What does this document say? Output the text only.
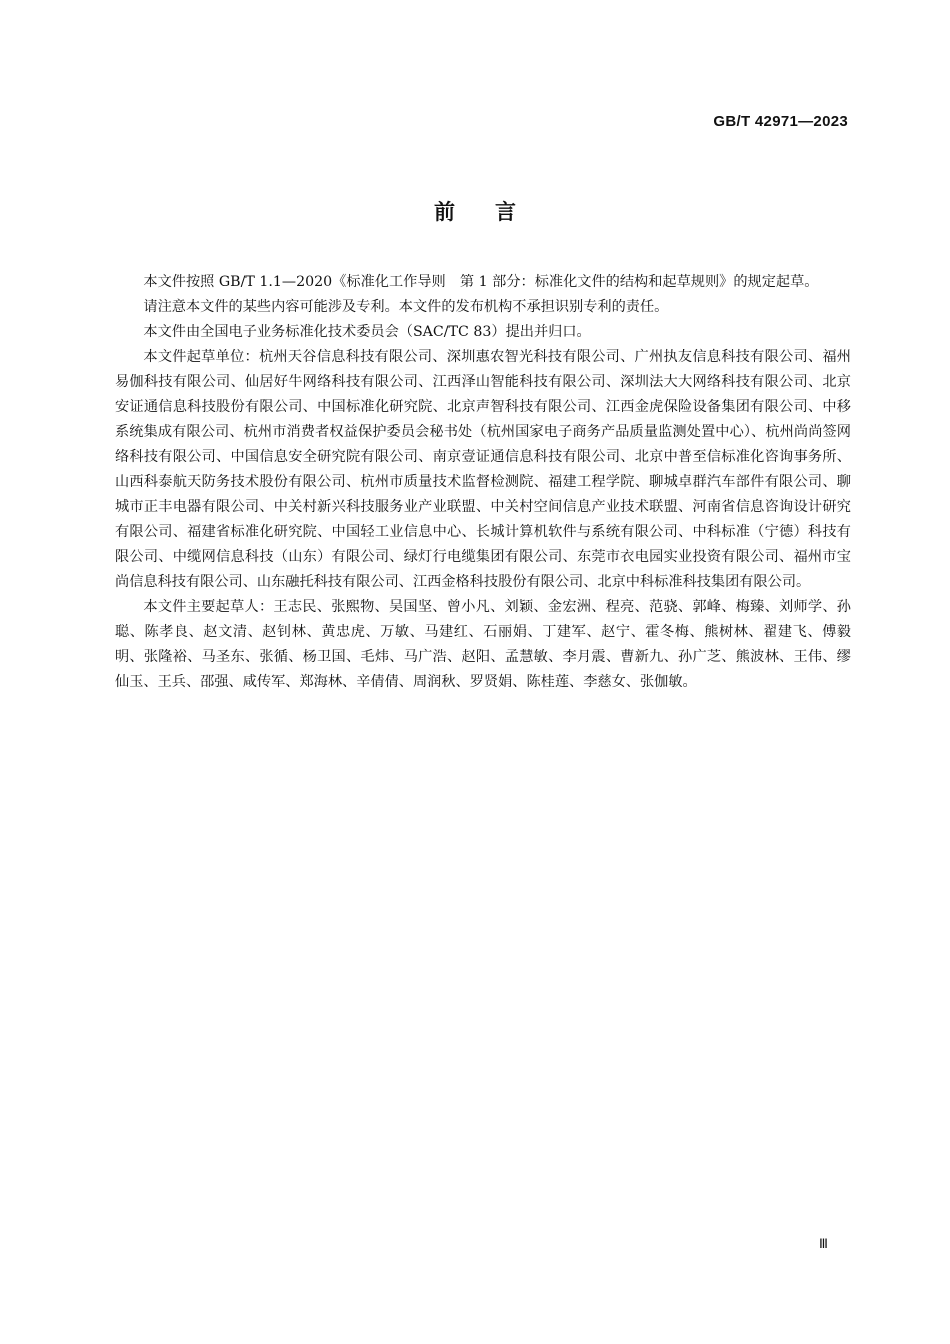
GB/T 42971—2023
前言

本文件按照 GB/T 1.1—2020《标准化工作导则　第 1 部分：标准化文件的结构和起草规则》的规定起草。

请注意本文件的某些内容可能涉及专利。本文件的发布机构不承担识别专利的责任。

本文件由全国电子业务标准化技术委员会（SAC/TC 83）提出并归口。

本文件起草单位：杭州天谷信息科技有限公司、深圳惠农智光科技有限公司、广州执友信息科技有限公司、福州易伽科技有限公司、仙居好牛网络科技有限公司、江西泽山智能科技有限公司、深圳法大大网络科技有限公司、北京安证通信息科技股份有限公司、中国标准化研究院、北京声智科技有限公司、江西金虎保险设备集团有限公司、中移系统集成有限公司、杭州市消费者权益保护委员会秘书处（杭州国家电子商务产品质量监测处置中心）、杭州尚尚签网络科技有限公司、中国信息安全研究院有限公司、南京壹证通信息科技有限公司、北京中普至信标准化咨询事务所、山西科泰航天防务技术股份有限公司、杭州市质量技术监督检测院、福建工程学院、聊城卓群汽车部件有限公司、聊城市正丰电器有限公司、中关村新兴科技服务业产业联盟、中关村空间信息产业技术联盟、河南省信息咨询设计研究有限公司、福建省标准化研究院、中国轻工业信息中心、长城计算机软件与系统有限公司、中科标准（宁德）科技有限公司、中缆网信息科技（山东）有限公司、绿灯行电缆集团有限公司、东莞市衣电园实业投资有限公司、福州市宝尚信息科技有限公司、山东融托科技有限公司、江西金格科技股份有限公司、北京中科标准科技集团有限公司。

本文件主要起草人：王志民、张熙物、吴国坚、曾小凡、刘颖、金宏洲、程亮、范骁、郭峰、梅臻、刘师学、孙聪、陈孝良、赵文清、赵钊林、黄忠虎、万敏、马建红、石丽娟、丁建军、赵宁、霍冬梅、熊树林、翟建飞、傅毅明、张隆裕、马圣东、张循、杨卫国、毛炜、马广浩、赵阳、孟慧敏、李月震、曹新九、孙广芝、熊波林、王伟、缪仙玉、王兵、邵强、咸传军、郑海林、辛倩倩、周润秋、罗贤娟、陈桂莲、李慈女、张伽敏。

Ⅲ
